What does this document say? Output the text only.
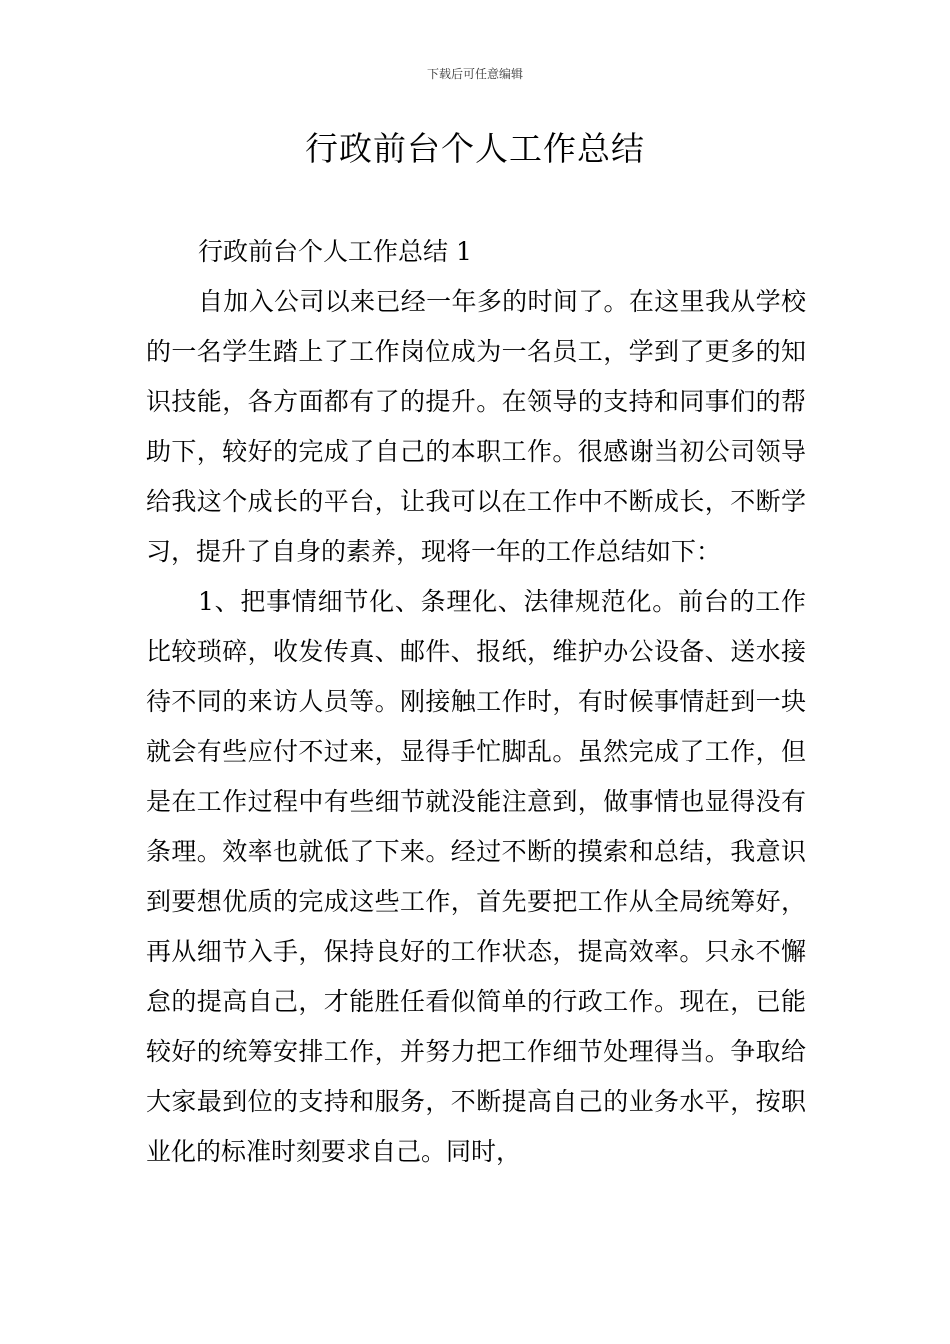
下载后可任意编辑
行政前台个人工作总结

行政前台个人工作总结 1

自加入公司以来已经一年多的时间了。在这里我从学校的一名学生踏上了工作岗位成为一名员工，学到了更多的知识技能，各方面都有了的提升。在领导的支持和同事们的帮助下，较好的完成了自己的本职工作。很感谢当初公司领导给我这个成长的平台，让我可以在工作中不断成长，不断学习，提升了自身的素养，现将一年的工作总结如下：

1、把事情细节化、条理化、法律规范化。前台的工作比较琐碎，收发传真、邮件、报纸，维护办公设备、送水接待不同的来访人员等。刚接触工作时，有时候事情赶到一块就会有些应付不过来，显得手忙脚乱。虽然完成了工作，但是在工作过程中有些细节就没能注意到，做事情也显得没有条理。效率也就低了下来。经过不断的摸索和总结，我意识到要想优质的完成这些工作，首先要把工作从全局统筹好，再从细节入手，保持良好的工作状态，提高效率。只永不懈怠的提高自己，才能胜任看似简单的行政工作。现在，已能较好的统筹安排工作，并努力把工作细节处理得当。争取给大家最到位的支持和服务，不断提高自己的业务水平，按职业化的标准时刻要求自己。同时，
